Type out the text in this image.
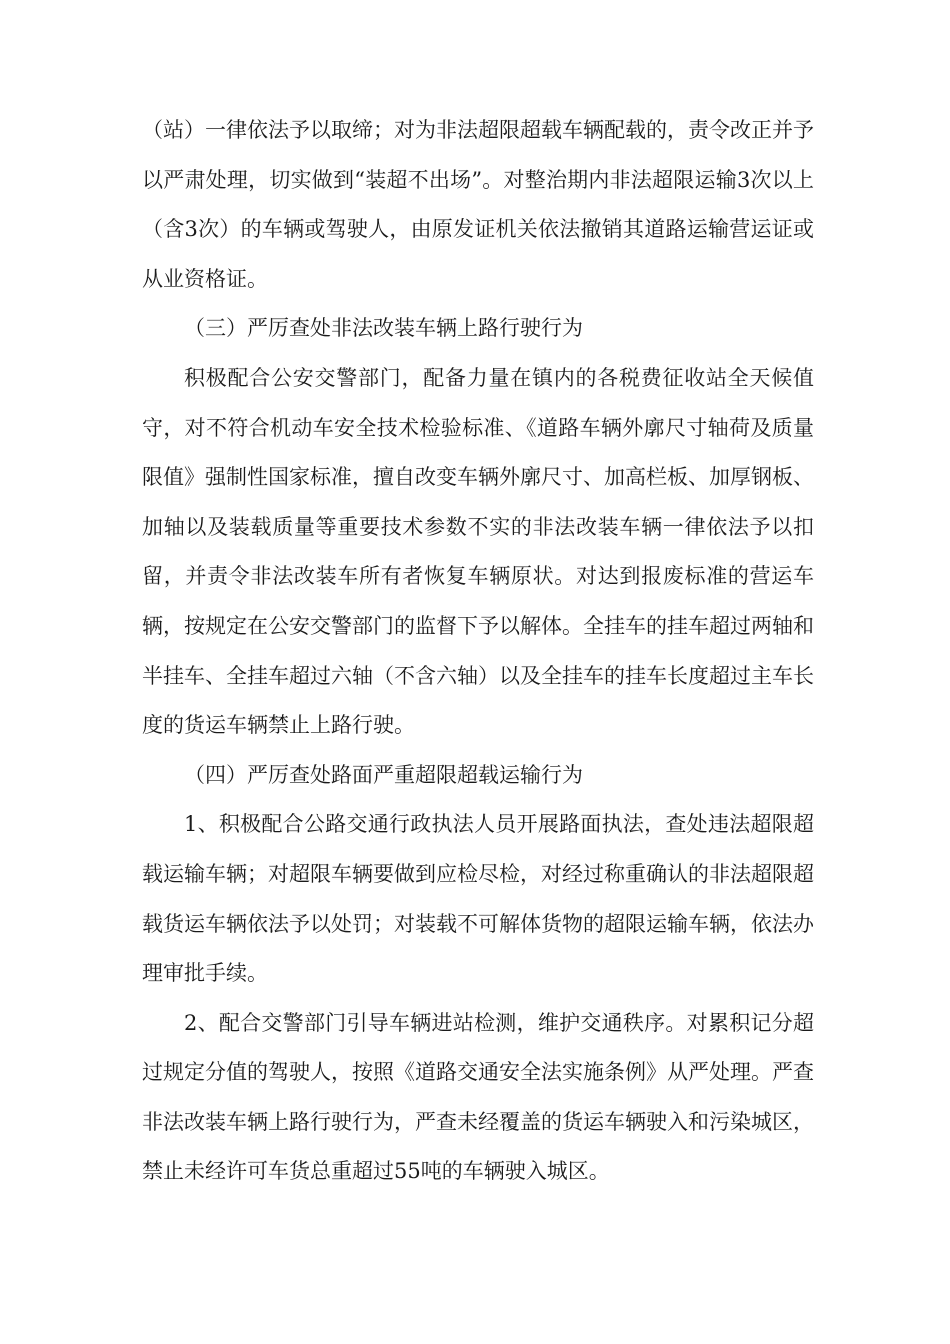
（站）一律依法予以取缔；对为非法超限超载车辆配载的，责令改正并予以严肃处理，切实做到“装超不出场”。对整治期内非法超限运输3次以上（含3次）的车辆或驾驶人，由原发证机关依法撤销其道路运输营运证或从业资格证。

（三）严厉查处非法改装车辆上路行驶行为

积极配合公安交警部门，配备力量在镇内的各税费征收站全天候值守，对不符合机动车安全技术检验标准、《道路车辆外廓尺寸轴荷及质量限值》强制性国家标准，擅自改变车辆外廓尺寸、加高栏板、加厚钢板、加轴以及装载质量等重要技术参数不实的非法改装车辆一律依法予以扣留，并责令非法改装车所有者恢复车辆原状。对达到报废标准的营运车辆，按规定在公安交警部门的监督下予以解体。全挂车的挂车超过两轴和半挂车、全挂车超过六轴（不含六轴）以及全挂车的挂车长度超过主车长度的货运车辆禁止上路行驶。

（四）严厉查处路面严重超限超载运输行为

1、积极配合公路交通行政执法人员开展路面执法，查处违法超限超载运输车辆；对超限车辆要做到应检尽检，对经过称重确认的非法超限超载货运车辆依法予以处罚；对装载不可解体货物的超限运输车辆，依法办理审批手续。

2、配合交警部门引导车辆进站检测，维护交通秩序。对累积记分超过规定分值的驾驶人，按照《道路交通安全法实施条例》从严处理。严查非法改装车辆上路行驶行为，严查未经覆盖的货运车辆驶入和污染城区，禁止未经许可车货总重超过55吨的车辆驶入城区。
